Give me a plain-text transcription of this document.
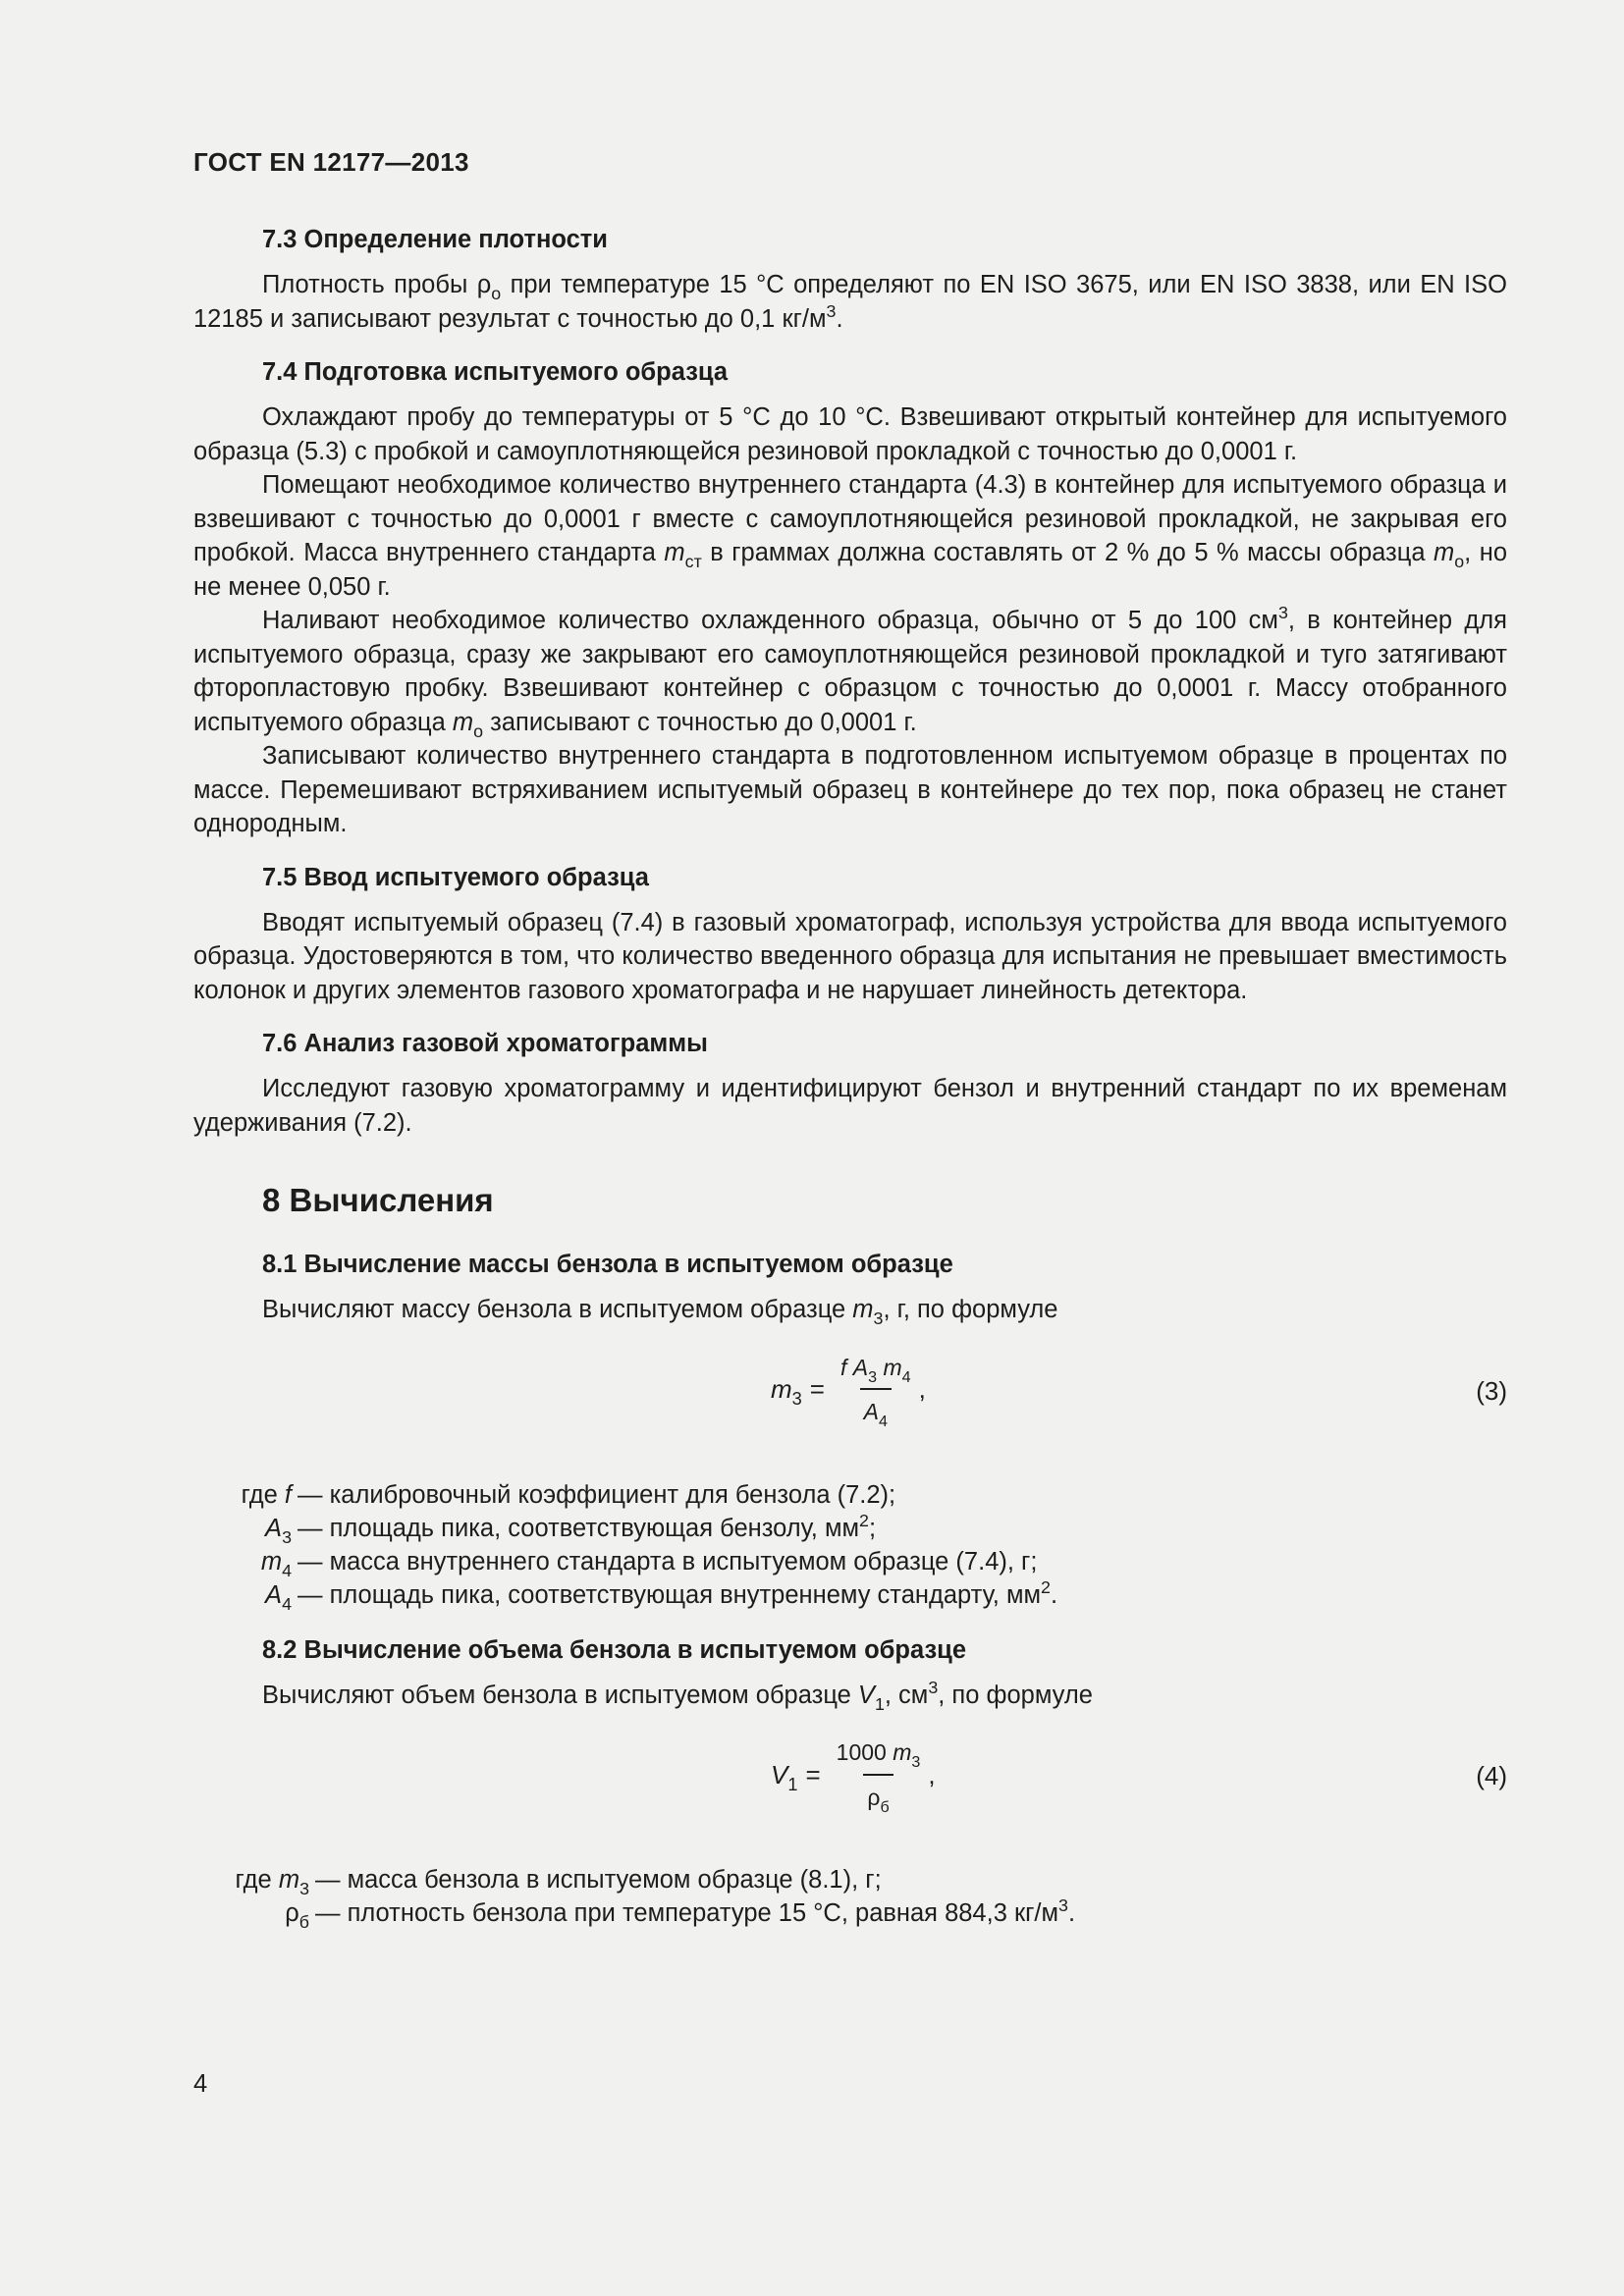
ГОСТ EN 12177—2013
7.3 Определение плотности

Плотность пробы $\rho_о$ при температуре 15 °C определяют по EN ISO 3675, или EN ISO 3838, или EN ISO 12185 и записывают результат с точностью до 0,1 $кг/м^3$.

7.4 Подготовка испытуемого образца

Охлаждают пробу до температуры от 5 °C до 10 °C. Взвешивают открытый контейнер для испытуемого образца (5.3) с пробкой и самоуплотняющейся резиновой прокладкой с точностью до 0,0001 г.

Помещают необходимое количество внутреннего стандарта (4.3) в контейнер для испытуемого образца и взвешивают с точностью до 0,0001 г вместе с самоуплотняющейся резиновой прокладкой, не закрывая его пробкой. Масса внутреннего стандарта $m_{ст}$ в граммах должна составлять от 2 % до 5 % массы образца $m_о$, но не менее 0,050 г.

Наливают необходимое количество охлажденного образца, обычно от 5 до 100 $см^3$, в контейнер для испытуемого образца, сразу же закрывают его самоуплотняющейся резиновой прокладкой и туго затягивают фторопластовую пробку. Взвешивают контейнер с образцом с точностью до 0,0001 г. Массу отобранного испытуемого образца $m_о$ записывают с точностью до 0,0001 г.

Записывают количество внутреннего стандарта в подготовленном испытуемом образце в процентах по массе. Перемешивают встряхиванием испытуемый образец в контейнере до тех пор, пока образец не станет однородным.

7.5 Ввод испытуемого образца

Вводят испытуемый образец (7.4) в газовый хроматограф, используя устройства для ввода испытуемого образца. Удостоверяются в том, что количество введенного образца для испытания не превышает вместимость колонок и других элементов газового хроматографа и не нарушает линейность детектора.

7.6 Анализ газовой хроматограммы

Исследуют газовую хроматограмму и идентифицируют бензол и внутренний стандарт по их временам удерживания (7.2).

8 Вычисления
8.1 Вычисление массы бензола в испытуемом образце

Вычисляют массу бензола в испытуемом образце $m_3$, г, по формуле

$m_3 = \frac{f A_3 m_4}{A_4}$ ,	(3)
где f — калибровочный коэффициент для бензола (7.2);
$A_3$ — площадь пика, соответствующая бензолу, $мм^2$;
$m_4$ — масса внутреннего стандарта в испытуемом образце (7.4), г;
$A_4$ — площадь пика, соответствующая внутреннему стандарту, $мм^2$.
8.2 Вычисление объема бензола в испытуемом образце

Вычисляют объем бензола в испытуемом образце $V_1$, $см^3$, по формуле

$V_1 = \frac{1000 m_3}{\rho_б}$ ,	(4)
где $m_3$ — масса бензола в испытуемом образце (8.1), г;
$\rho_б$ — плотность бензола при температуре 15 °C, равная 884,3 $кг/м^3$.
4
